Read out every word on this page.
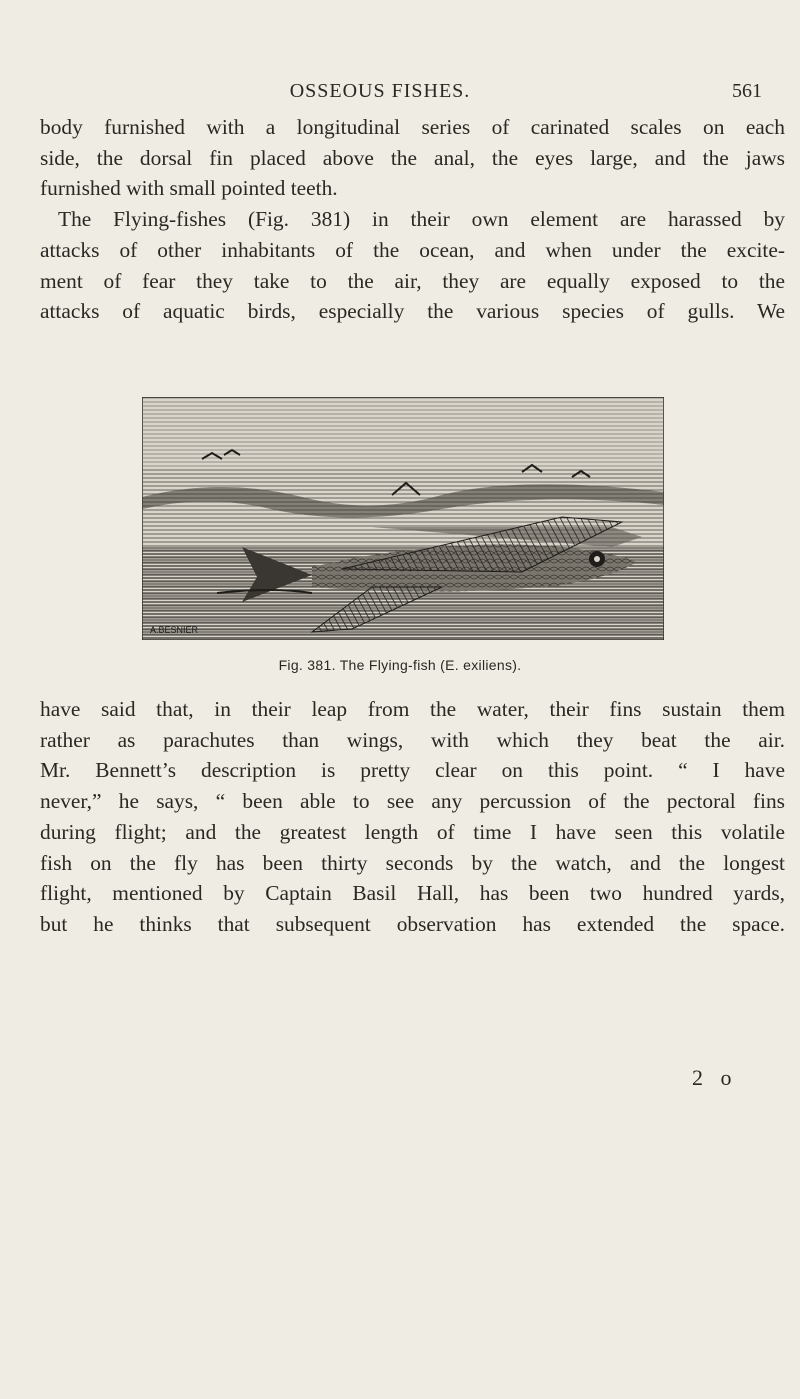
OSSEOUS FISHES.	561
body furnished with a longitudinal series of carinated scales on each
side, the dorsal fin placed above the anal, the eyes large, and the jaws
furnished with small pointed teeth.
The Flying-fishes (Fig. 381) in their own element are harassed by
attacks of other inhabitants of the ocean, and when under the excite-
ment of fear they take to the air, they are equally exposed to the
attacks of aquatic birds, especially the various species of gulls. We
A.BESNIER
Fig. 381. The Flying-fish (E. exiliens).
have said that, in their leap from the water, their fins sustain them
rather as parachutes than wings, with which they beat the air.
Mr. Bennett’s description is pretty clear on this point. “ I have
never,” he says, “ been able to see any percussion of the pectoral fins
during flight; and the greatest length of time I have seen this volatile
fish on the fly has been thirty seconds by the watch, and the longest
flight, mentioned by Captain Basil Hall, has been two hundred yards,
but he thinks that subsequent observation has extended the space.
2 o
